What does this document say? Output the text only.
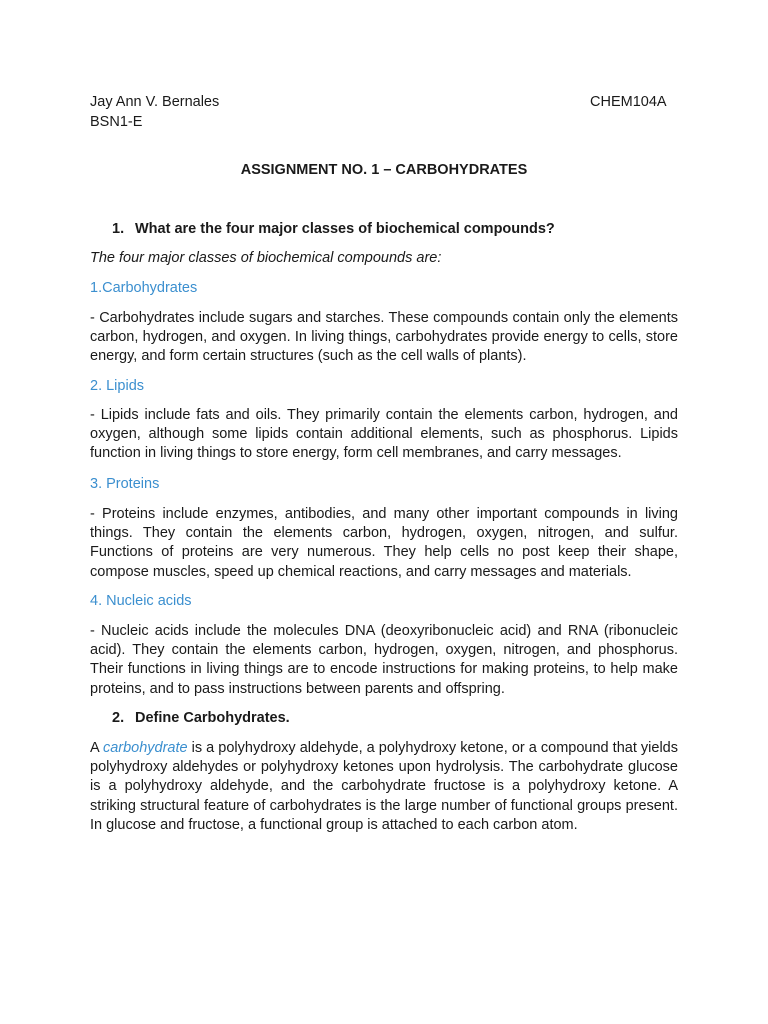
Jay Ann V. Bernales
BSN1-E
CHEM104A
ASSIGNMENT NO. 1 – CARBOHYDRATES
1. What are the four major classes of biochemical compounds?
The four major classes of biochemical compounds are:
1.Carbohydrates

- Carbohydrates include sugars and starches. These compounds contain only the elements carbon, hydrogen, and oxygen. In living things, carbohydrates provide energy to cells, store energy, and form certain structures (such as the cell walls of plants).

2. Lipids

- Lipids include fats and oils. They primarily contain the elements carbon, hydrogen, and oxygen, although some lipids contain additional elements, such as phosphorus. Lipids function in living things to store energy, form cell membranes, and carry messages.

3. Proteins

- Proteins include enzymes, antibodies, and many other important compounds in living things. They contain the elements carbon, hydrogen, oxygen, nitrogen, and sulfur. Functions of proteins are very numerous. They help cells no post keep their shape, compose muscles, speed up chemical reactions, and carry messages and materials.

4. Nucleic acids

- Nucleic acids include the molecules DNA (deoxyribonucleic acid) and RNA (ribonucleic acid). They contain the elements carbon, hydrogen, oxygen, nitrogen, and phosphorus. Their functions in living things are to encode instructions for making proteins, to help make proteins, and to pass instructions between parents and offspring.

2. Define Carbohydrates.

A carbohydrate is a polyhydroxy aldehyde, a polyhydroxy ketone, or a compound that yields polyhydroxy aldehydes or polyhydroxy ketones upon hydrolysis. The carbohydrate glucose is a polyhydroxy aldehyde, and the carbohydrate fructose is a polyhydroxy ketone. A striking structural feature of carbohydrates is the large number of functional groups present. In glucose and fructose, a functional group is attached to each carbon atom.
